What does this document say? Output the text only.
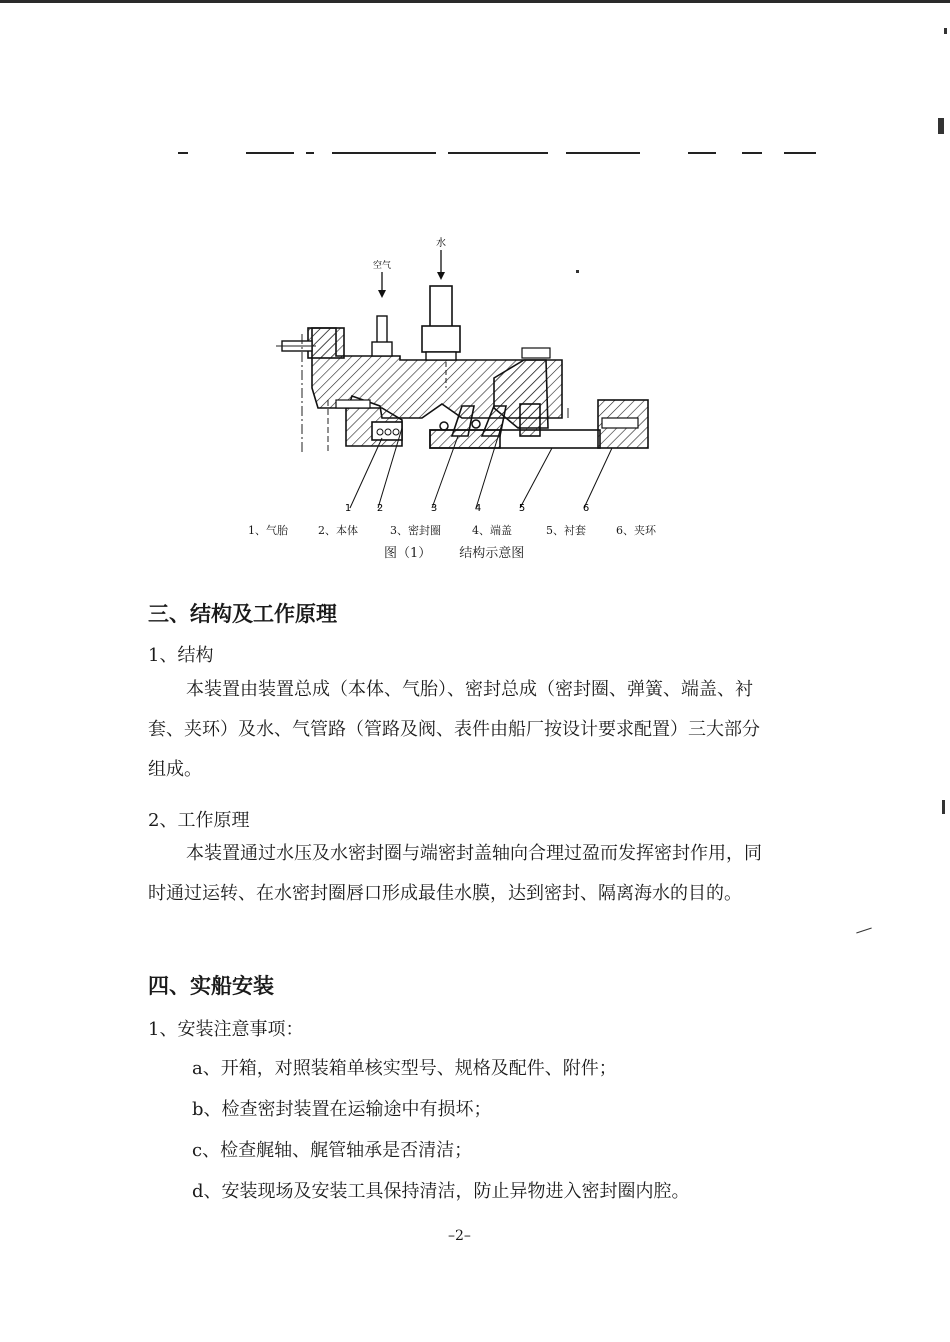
水
空气
1	2	3	4	5	6
1、气胎	2、本体	3、密封圈	4、端盖	5、衬套	6、夹环
图（1） 结构示意图
三、结构及工作原理
1、结构
本装置由装置总成（本体、气胎）、密封总成（密封圈、弹簧、端盖、衬套、夹环）及水、气管路（管路及阀、表件由船厂按设计要求配置）三大部分组成。
2、工作原理
本装置通过水压及水密封圈与端密封盖轴向合理过盈而发挥密封作用，同时通过运转、在水密封圈唇口形成最佳水膜，达到密封、隔离海水的目的。
四、实船安装
1、安装注意事项：
a、开箱，对照装箱单核实型号、规格及配件、附件；
b、检查密封装置在运输途中有损坏；
c、检查艉轴、艉管轴承是否清洁；
d、安装现场及安装工具保持清洁，防止异物进入密封圈内腔。
–2–
